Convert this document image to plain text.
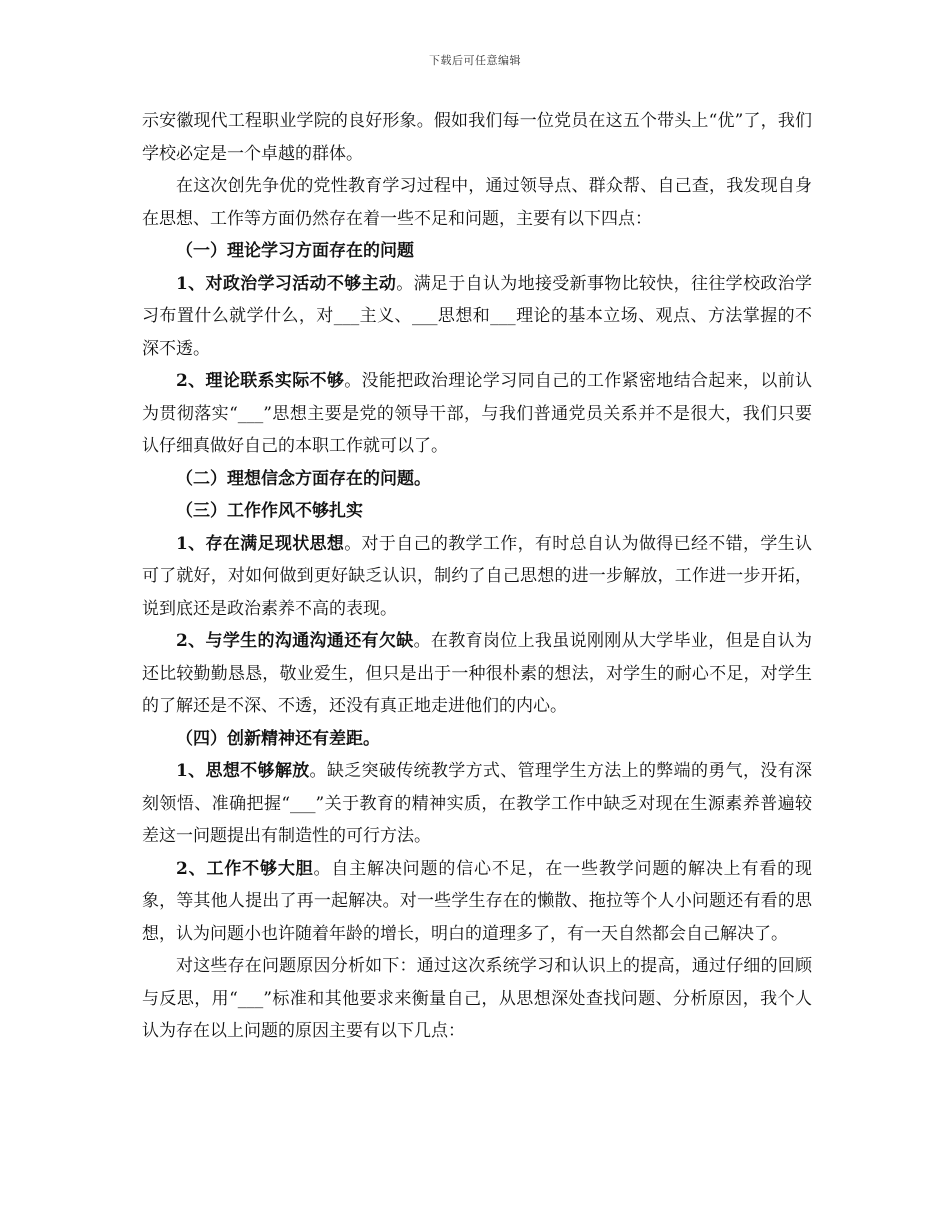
下载后可任意编辑

示安徽现代工程职业学院的良好形象。假如我们每一位党员在这五个带头上“优”了，我们学校必定是一个卓越的群体。

在这次创先争优的党性教育学习过程中，通过领导点、群众帮、自己查，我发现自身在思想、工作等方面仍然存在着一些不足和问题，主要有以下四点：

（一）理论学习方面存在的问题

1、对政治学习活动不够主动。满足于自认为地接受新事物比较快，往往学校政治学习布置什么就学什么，对___主义、___思想和___理论的基本立场、观点、方法掌握的不深不透。

2、理论联系实际不够。没能把政治理论学习同自己的工作紧密地结合起来，以前认为贯彻落实“___”思想主要是党的领导干部，与我们普通党员关系并不是很大，我们只要认仔细真做好自己的本职工作就可以了。

（二）理想信念方面存在的问题。

（三）工作作风不够扎实

1、存在满足现状思想。对于自己的教学工作，有时总自认为做得已经不错，学生认可了就好，对如何做到更好缺乏认识，制约了自己思想的进一步解放，工作进一步开拓，说到底还是政治素养不高的表现。

2、与学生的沟通沟通还有欠缺。在教育岗位上我虽说刚刚从大学毕业，但是自认为还比较勤勤恳恳，敬业爱生，但只是出于一种很朴素的想法，对学生的耐心不足，对学生的了解还是不深、不透，还没有真正地走进他们的内心。

（四）创新精神还有差距。

1、思想不够解放。缺乏突破传统教学方式、管理学生方法上的弊端的勇气，没有深刻领悟、准确把握“___”关于教育的精神实质，在教学工作中缺乏对现在生源素养普遍较差这一问题提出有制造性的可行方法。

2、工作不够大胆。自主解决问题的信心不足，在一些教学问题的解决上有看的现象，等其他人提出了再一起解决。对一些学生存在的懒散、拖拉等个人小问题还有看的思想，认为问题小也许随着年龄的增长，明白的道理多了，有一天自然都会自己解决了。

对这些存在问题原因分析如下：通过这次系统学习和认识上的提高，通过仔细的回顾与反思，用“___”标准和其他要求来衡量自己，从思想深处查找问题、分析原因，我个人认为存在以上问题的原因主要有以下几点：
